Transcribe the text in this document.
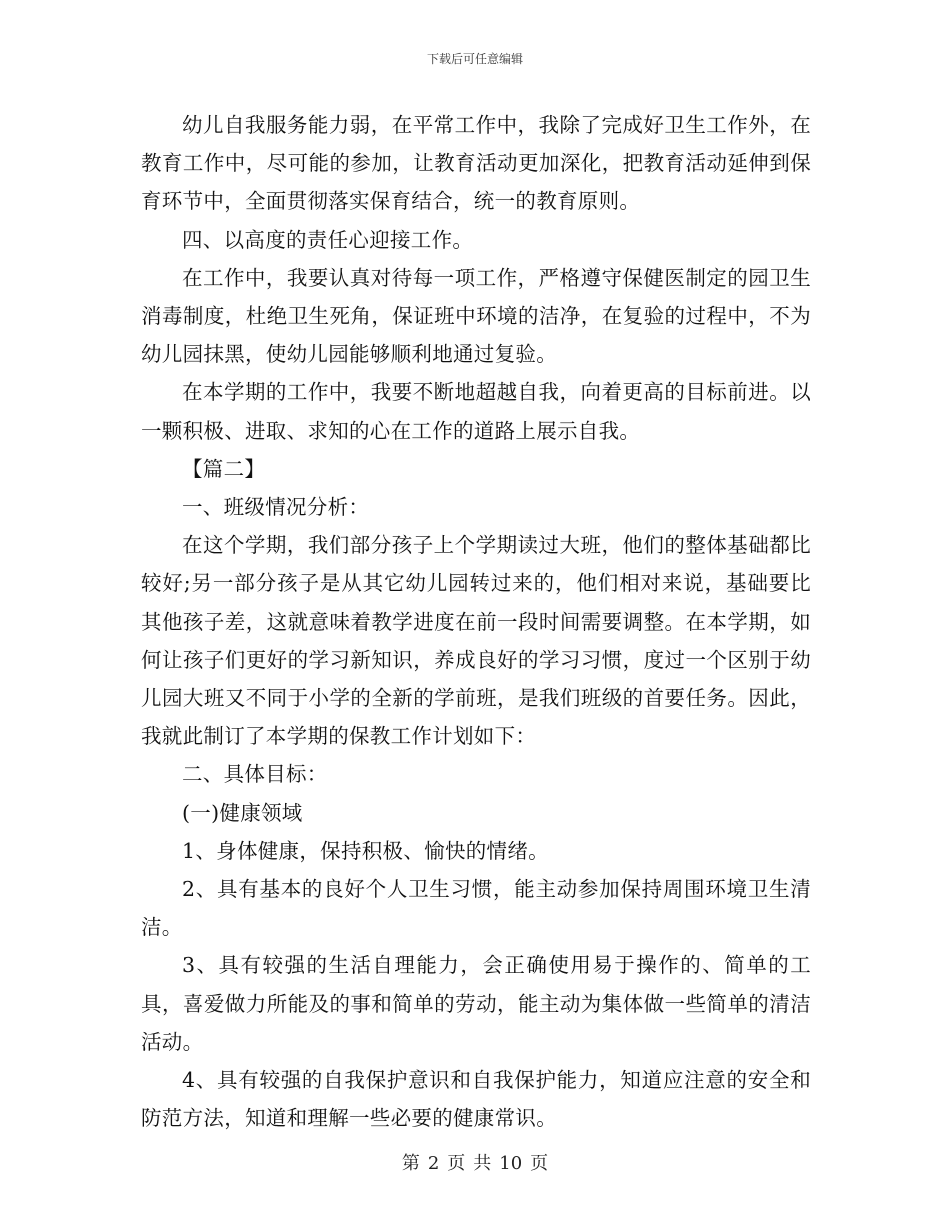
下载后可任意编辑

幼儿自我服务能力弱，在平常工作中，我除了完成好卫生工作外，在教育工作中，尽可能的参加，让教育活动更加深化，把教育活动延伸到保育环节中，全面贯彻落实保育结合，统一的教育原则。

四、以高度的责任心迎接工作。

在工作中，我要认真对待每一项工作，严格遵守保健医制定的园卫生消毒制度，杜绝卫生死角，保证班中环境的洁净，在复验的过程中，不为幼儿园抹黑，使幼儿园能够顺利地通过复验。

在本学期的工作中，我要不断地超越自我，向着更高的目标前进。以一颗积极、进取、求知的心在工作的道路上展示自我。

【篇二】

一、班级情况分析：

在这个学期，我们部分孩子上个学期读过大班，他们的整体基础都比较好;另一部分孩子是从其它幼儿园转过来的，他们相对来说，基础要比其他孩子差，这就意味着教学进度在前一段时间需要调整。在本学期，如何让孩子们更好的学习新知识，养成良好的学习习惯，度过一个区别于幼儿园大班又不同于小学的全新的学前班，是我们班级的首要任务。因此，我就此制订了本学期的保教工作计划如下：

二、具体目标：

(一)健康领域

1、身体健康，保持积极、愉快的情绪。

2、具有基本的良好个人卫生习惯，能主动参加保持周围环境卫生清洁。

3、具有较强的生活自理能力，会正确使用易于操作的、简单的工具，喜爱做力所能及的事和简单的劳动，能主动为集体做一些简单的清洁活动。

4、具有较强的自我保护意识和自我保护能力，知道应注意的安全和防范方法，知道和理解一些必要的健康常识。

第 2 页 共 10 页
